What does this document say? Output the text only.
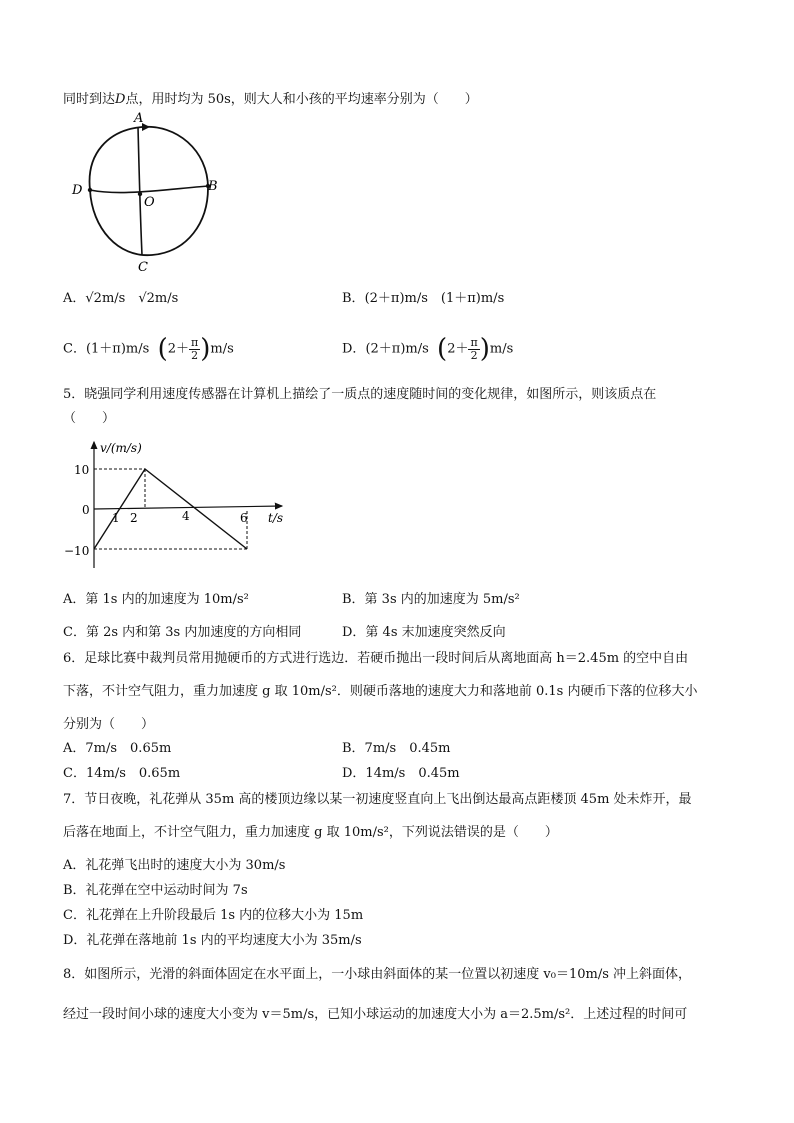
同时到达D点，用时均为 50s，则大人和小孩的平均速率分别为（　　）
A
B
C
D
O
A．√2m/s　√2m/s	B．(2＋π)m/s　(1＋π)m/s
C．(1＋π)m/s $(2+ \frac{\pi}{2} )m/s$	D．(2＋π)m/s $(2+ \frac{\pi}{2} )m/s$
5．晓强同学利用速度传感器在计算机上描绘了一质点的速度随时间的变化规律，如图所示，则该质点在
（　　）
v/(m/s)
t/s
10
0
−10
1 2	4	6
A．第 1s 内的加速度为 10m/s²	B．第 3s 内的加速度为 5m/s²
C．第 2s 内和第 3s 内加速度的方向相同	D．第 4s 末加速度突然反向
6．足球比赛中裁判员常用抛硬币的方式进行选边．若硬币抛出一段时间后从离地面高 h＝2.45m 的空中自由
下落，不计空气阻力，重力加速度 g 取 10m/s²．则硬币落地的速度大力和落地前 0.1s 内硬币下落的位移大小
分别为（　　）
A．7m/s　0.65m	B．7m/s　0.45m
C．14m/s　0.65m	D．14m/s　0.45m
7．节日夜晚，礼花弹从 35m 高的楼顶边缘以某一初速度竖直向上飞出倒达最高点距楼顶 45m 处未炸开，最
后落在地面上，不计空气阻力，重力加速度 g 取 10m/s²，下列说法错误的是（　　）
A．礼花弹飞出时的速度大小为 30m/s
B．礼花弹在空中运动时间为 7s
C．礼花弹在上升阶段最后 1s 内的位移大小为 15m
D．礼花弹在落地前 1s 内的平均速度大小为 35m/s
8．如图所示，光滑的斜面体固定在水平面上，一小球由斜面体的某一位置以初速度 v₀＝10m/s 冲上斜面体，
经过一段时间小球的速度大小变为 v＝5m/s，已知小球运动的加速度大小为 a＝2.5m/s²．上述过程的时间可
